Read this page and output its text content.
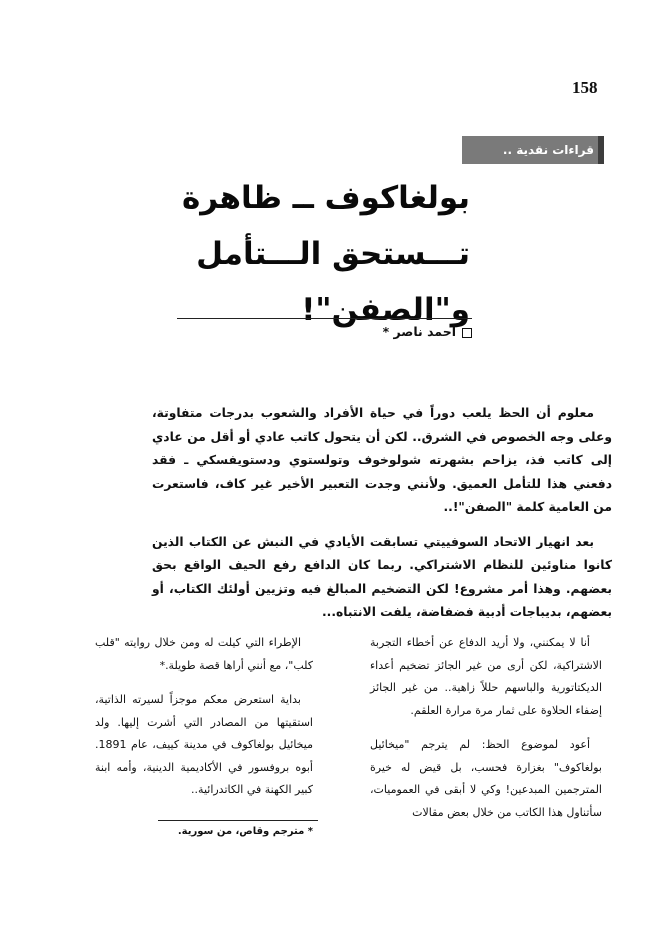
158
قراءات نقدية ..
بولغاكوف ــ ظاهرة
تـــستحق الـــتأمل
و"الصفن"!
أحمد ناصر *

معلوم أن الحظ يلعب دوراً في حياة الأفراد والشعوب بدرجات متفاوتة، وعلى وجه الخصوص في الشرق.. لكن أن يتحول كاتب عادي أو أقل من عادي إلى كاتب فذ، يزاحم بشهرته شولوخوف وتولستوي ودستويفسكي ـ فقد دفعني هذا للتأمل العميق. ولأنني وجدت التعبير الأخير غير كاف، فاستعرت من العامية كلمة "الصفن"!..

بعد انهيار الاتحاد السوفييتي تسابقت الأيادي في النبش عن الكتاب الذين كانوا مناوئين للنظام الاشتراكي. ربما كان الدافع رفع الحيف الواقع بحق بعضهم. وهذا أمر مشروع! لكن التضخيم المبالغ فيه وتزيين أولئك الكتاب، أو بعضهم، بديباجات أدبية فضفاضة، يلفت الانتباه...

أنا لا يمكنني، ولا أريد الدفاع عن أخطاء التجربة الاشتراكية، لكن أرى من غير الجائز تضخيم أعداء الديكتاتورية والباسهم حللاً زاهية.. من غير الجائز إضفاء الحلاوة على ثمار مرة مرارة العلقم.

أعود لموضوع الحظ: لم يترجم "ميخائيل بولغاكوف" بغزارة فحسب، بل قيض له خيرة المترجمين المبدعين! وكي لا أبقى في العموميات، سأتناول هذا الكاتب من خلال بعض مقالات

الإطراء التي كيلت له ومن خلال روايته "قلب كلب"، مع أنني أراها قصة طويلة.*

بداية استعرض معكم موجزاً لسيرته الذاتية، استقيتها من المصادر التي أشرت إليها. ولد ميخائيل بولغاكوف في مدينة كييف، عام 1891. أبوه بروفسور في الأكاديمية الدينية، وأمه ابنة كبير الكهنة في الكاتدرائية..

* مترجم وقاص، من سورية.
